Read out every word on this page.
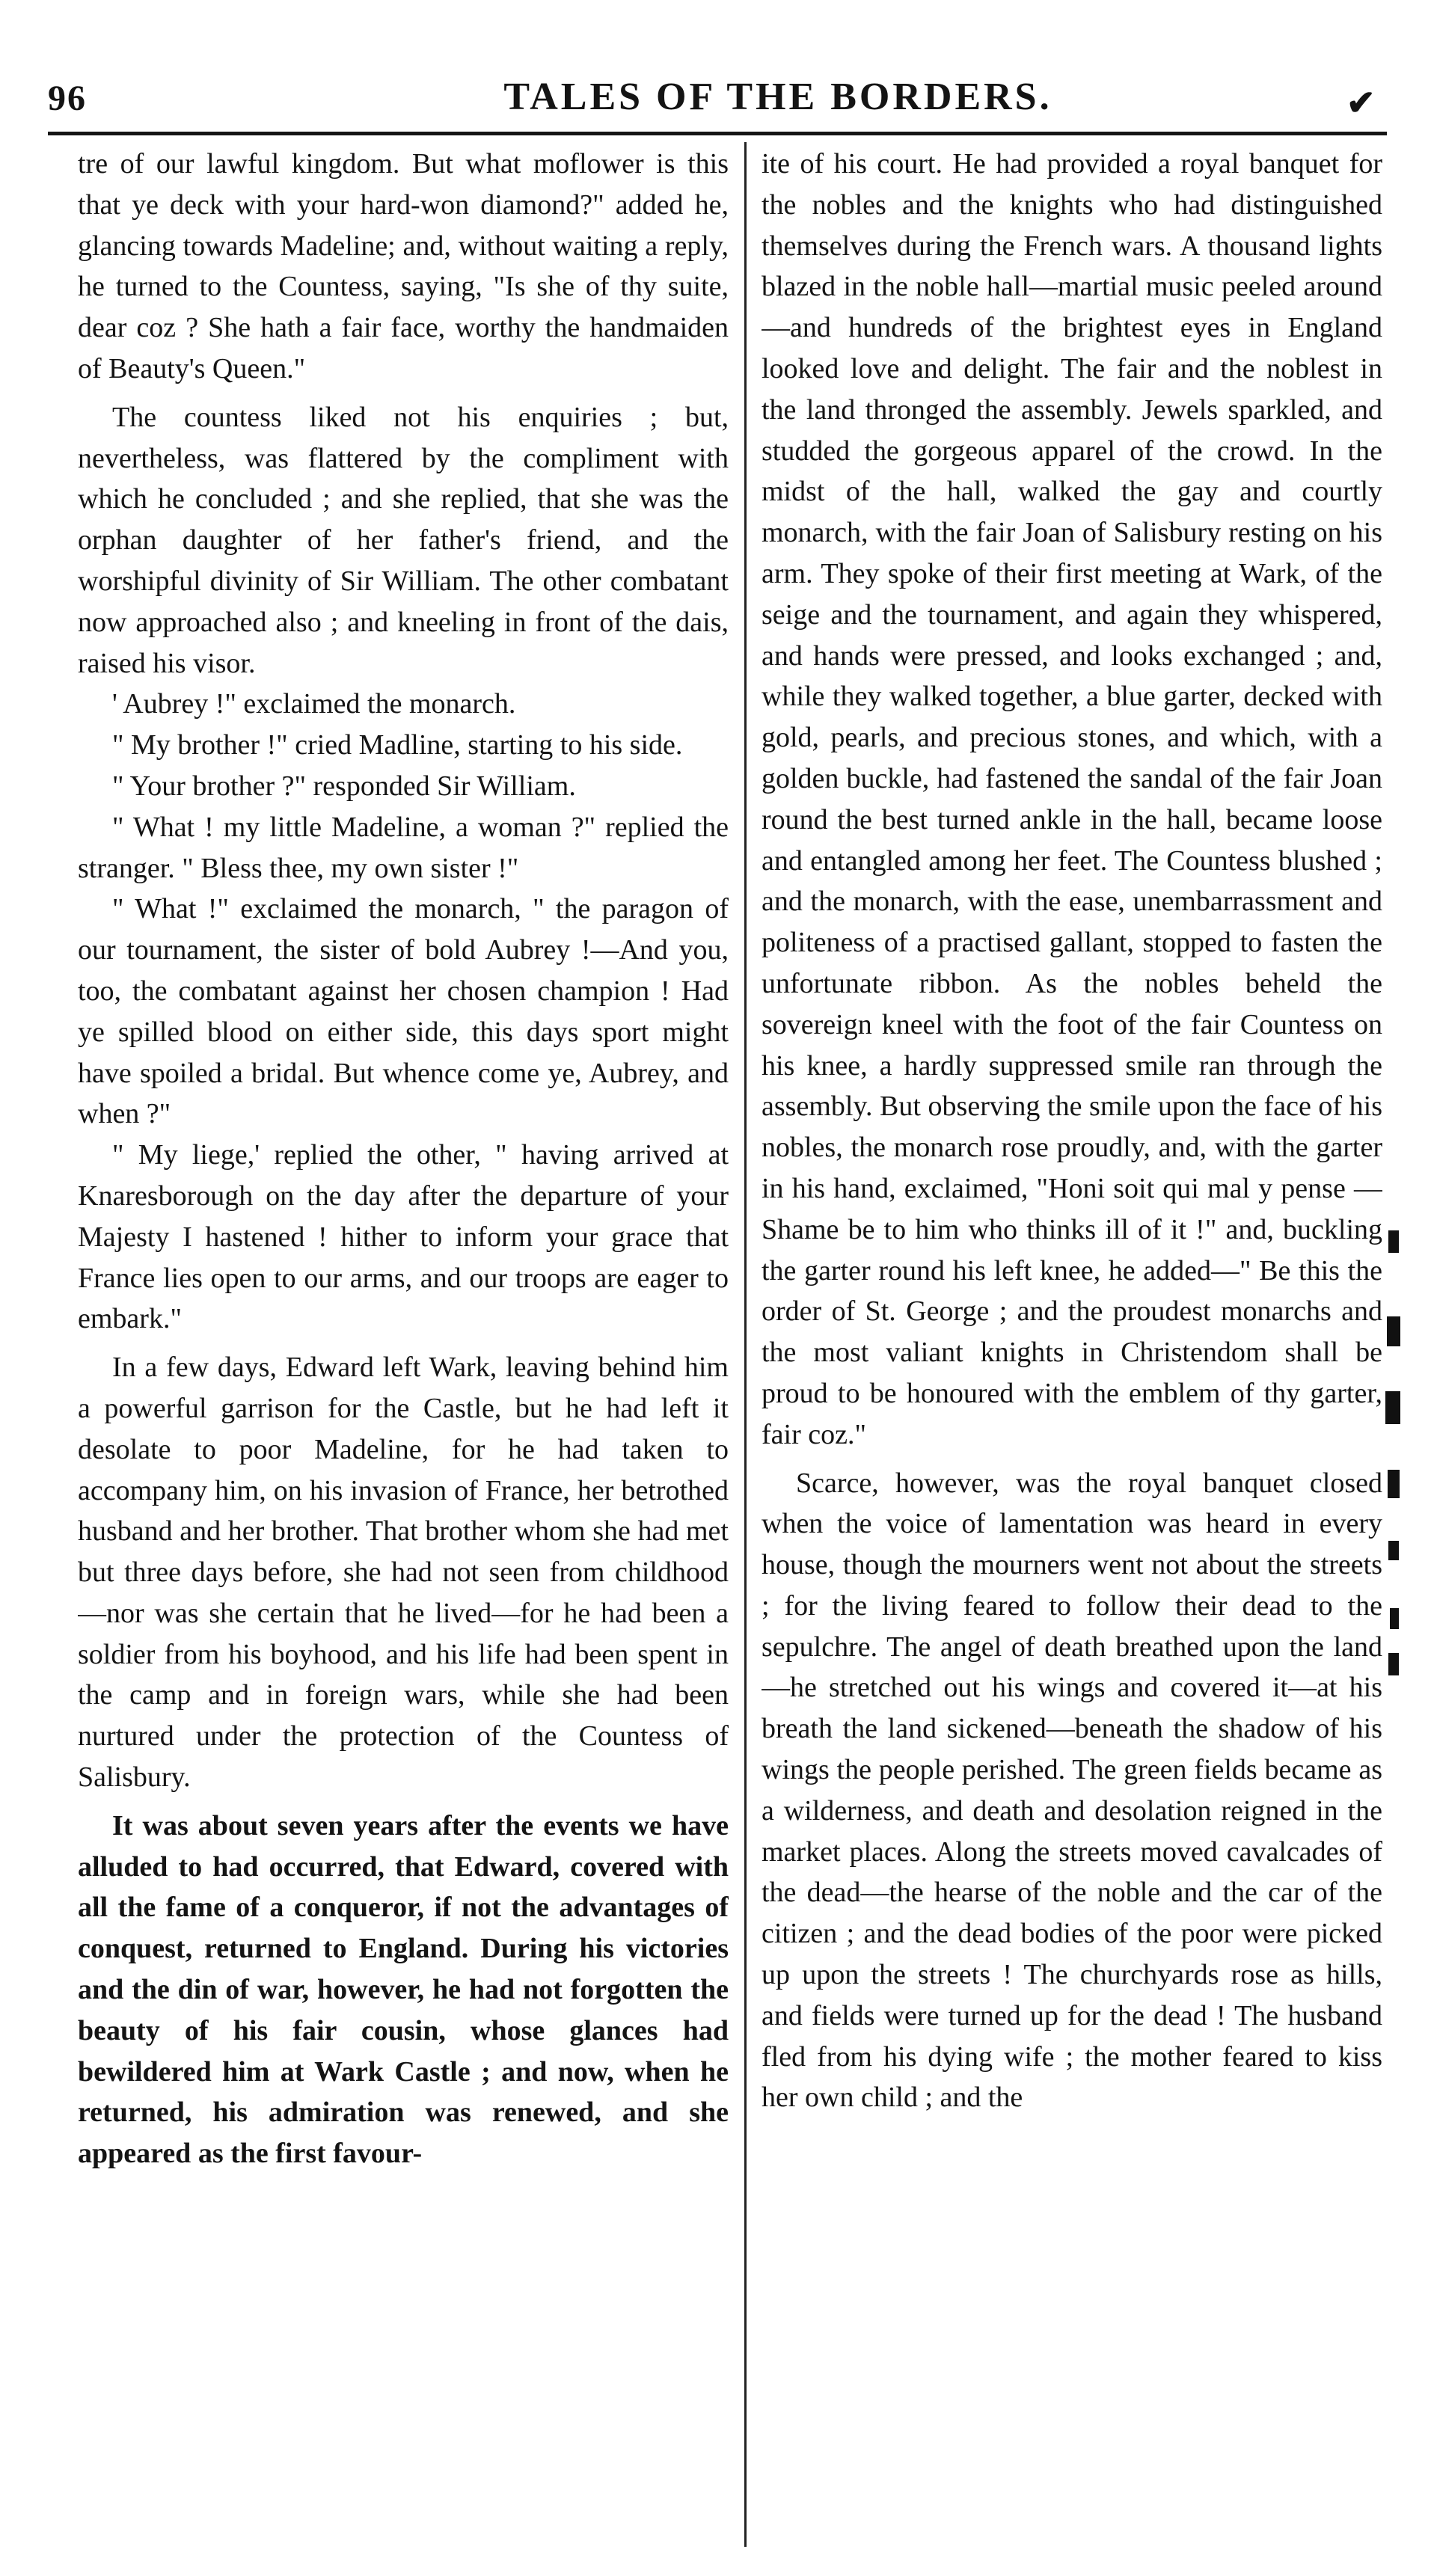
96	TALES OF THE BORDERS.	✔

tre of our lawful kingdom. But what moflower is this that ye deck with your hard-won diamond?" added he, glancing towards Madeline; and, without waiting a reply, he turned to the Countess, saying, "Is she of thy suite, dear coz ? She hath a fair face, worthy the handmaiden of Beauty's Queen."

The countess liked not his enquiries ; but, nevertheless, was flattered by the compliment with which he concluded ; and she replied, that she was the orphan daughter of her father's friend, and the worshipful divinity of Sir William. The other combatant now approached also ; and kneeling in front of the dais, raised his visor.

' Aubrey !" exclaimed the monarch.

" My brother !" cried Madline, starting to his side.

" Your brother ?" responded Sir William.

" What ! my little Madeline, a woman ?" replied the stranger. " Bless thee, my own sister !"

" What !" exclaimed the monarch, " the paragon of our tournament, the sister of bold Aubrey !—And you, too, the combatant against her chosen champion ! Had ye spilled blood on either side, this days sport might have spoiled a bridal. But whence come ye, Aubrey, and when ?"

" My liege,' replied the other, " having arrived at Knaresborough on the day after the departure of your Majesty I hastened ! hither to inform your grace that France lies open to our arms, and our troops are eager to embark."

In a few days, Edward left Wark, leaving behind him a powerful garrison for the Castle, but he had left it desolate to poor Madeline, for he had taken to accompany him, on his invasion of France, her betrothed husband and her brother. That brother whom she had met but three days before, she had not seen from childhood—nor was she certain that he lived—for he had been a soldier from his boyhood, and his life had been spent in the camp and in foreign wars, while she had been nurtured under the protection of the Countess of Salisbury.

It was about seven years after the events we have alluded to had occurred, that Edward, covered with all the fame of a conqueror, if not the advantages of conquest, returned to England. During his victories and the din of war, however, he had not forgotten the beauty of his fair cousin, whose glances had bewildered him at Wark Castle ; and now, when he returned, his admiration was renewed, and she appeared as the first favour-

ite of his court. He had provided a royal banquet for the nobles and the knights who had distinguished themselves during the French wars. A thousand lights blazed in the noble hall—martial music peeled around —and hundreds of the brightest eyes in England looked love and delight. The fair and the noblest in the land thronged the assembly. Jewels sparkled, and studded the gorgeous apparel of the crowd. In the midst of the hall, walked the gay and courtly monarch, with the fair Joan of Salisbury resting on his arm. They spoke of their first meeting at Wark, of the seige and the tournament, and again they whispered, and hands were pressed, and looks exchanged ; and, while they walked together, a blue garter, decked with gold, pearls, and precious stones, and which, with a golden buckle, had fastened the sandal of the fair Joan round the best turned ankle in the hall, became loose and entangled among her feet. The Countess blushed ; and the monarch, with the ease, unembarrassment and politeness of a practised gallant, stopped to fasten the unfortunate ribbon. As the nobles beheld the sovereign kneel with the foot of the fair Countess on his knee, a hardly suppressed smile ran through the assembly. But observing the smile upon the face of his nobles, the monarch rose proudly, and, with the garter in his hand, exclaimed, "Honi soit qui mal y pense —Shame be to him who thinks ill of it !" and, buckling the garter round his left knee, he added—" Be this the order of St. George ; and the proudest monarchs and the most valiant knights in Christendom shall be proud to be honoured with the emblem of thy garter, fair coz."

Scarce, however, was the royal banquet closed when the voice of lamentation was heard in every house, though the mourners went not about the streets ; for the living feared to follow their dead to the sepulchre. The angel of death breathed upon the land—he stretched out his wings and covered it—at his breath the land sickened—beneath the shadow of his wings the people perished. The green fields became as a wilderness, and death and desolation reigned in the market places. Along the streets moved cavalcades of the dead—the hearse of the noble and the car of the citizen ; and the dead bodies of the poor were picked up upon the streets ! The churchyards rose as hills, and fields were turned up for the dead ! The husband fled from his dying wife ; the mother feared to kiss her own child ; and the
